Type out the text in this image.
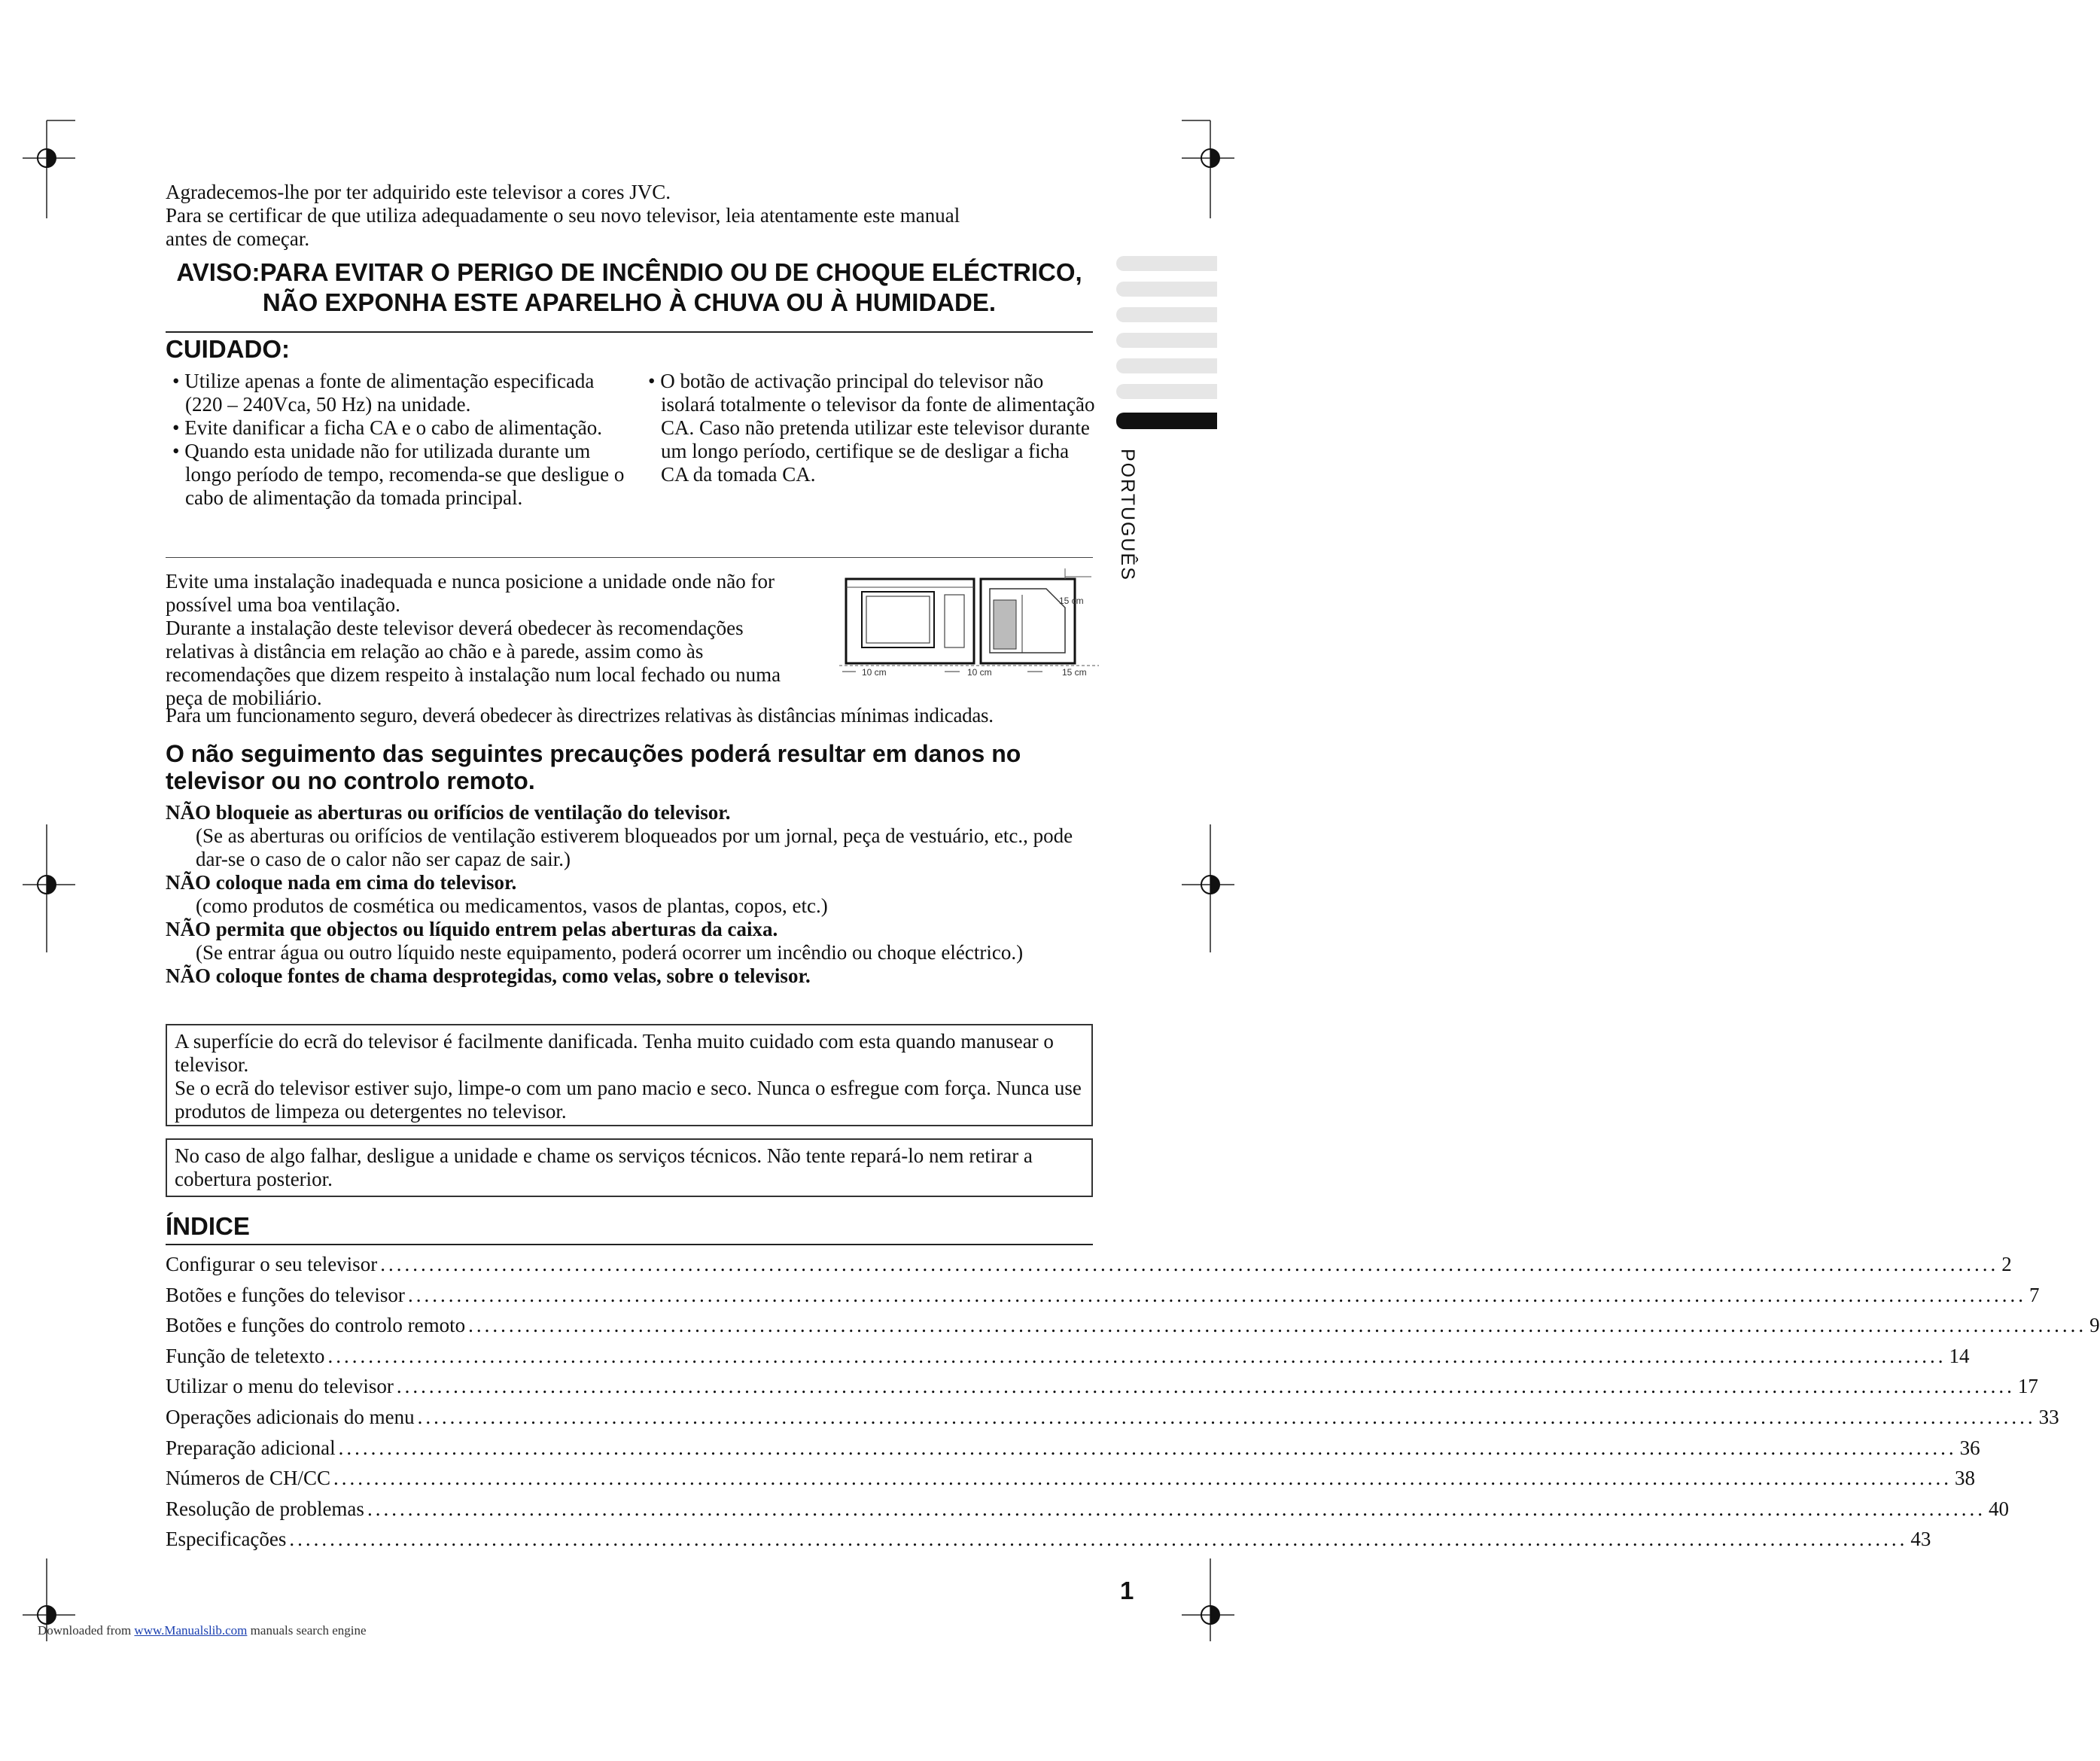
PORTUGUÊS
Agradecemos-lhe por ter adquirido este televisor a cores JVC.
Para se certificar de que utiliza adequadamente o seu novo televisor, leia atentamente este manual
antes de começar.
AVISO:PARA EVITAR O PERIGO DE INCÊNDIO OU DE CHOQUE ELÉCTRICO,
NÃO EXPONHA ESTE APARELHO À CHUVA OU À HUMIDADE.
CUIDADO:
• Utilize apenas a fonte de alimentação especificada (220 – 240Vca, 50 Hz) na unidade.
• Evite danificar a ficha CA e o cabo de alimentação.
• Quando esta unidade não for utilizada durante um longo período de tempo, recomenda-se que desligue o cabo de alimentação da tomada principal.
• O botão de activação principal do televisor não isolará totalmente o televisor da fonte de alimentação CA. Caso não pretenda utilizar este televisor durante um longo período, certifique se de desligar a ficha CA da tomada CA.
Evite uma instalação inadequada e nunca posicione a unidade onde não for possível uma boa ventilação.
Durante a instalação deste televisor deverá obedecer às recomendações relativas à distância em relação ao chão e à parede, assim como às recomendações que dizem respeito à instalação num local fechado ou numa peça de mobiliário.
Para um funcionamento seguro, deverá obedecer às directrizes relativas às distâncias mínimas indicadas.
15 cm
10 cm	10 cm	15 cm
O não seguimento das seguintes precauções poderá resultar em danos no televisor ou no controlo remoto.
NÃO bloqueie as aberturas ou orifícios de ventilação do televisor.
(Se as aberturas ou orifícios de ventilação estiverem bloqueados por um jornal, peça de vestuário, etc., pode dar-se o caso de o calor não ser capaz de sair.)
NÃO coloque nada em cima do televisor.
(como produtos de cosmética ou medicamentos, vasos de plantas, copos, etc.)
NÃO permita que objectos ou líquido entrem pelas aberturas da caixa.
(Se entrar água ou outro líquido neste equipamento, poderá ocorrer um incêndio ou choque eléctrico.)
NÃO coloque fontes de chama desprotegidas, como velas, sobre o televisor.
A superfície do ecrã do televisor é facilmente danificada. Tenha muito cuidado com esta quando manusear o televisor.
Se o ecrã do televisor estiver sujo, limpe-o com um pano macio e seco. Nunca o esfregue com força. Nunca use produtos de limpeza ou detergentes no televisor.
No caso de algo falhar, desligue a unidade e chame os serviços técnicos. Não tente repará-lo nem retirar a cobertura posterior.
ÍNDICE
Configurar o seu televisor ........................................................................................................................................................................................................ 2
Botões e funções do televisor ........................................................................................................................................................................................................ 7
Botões e funções do controlo remoto ........................................................................................................................................................................................................ 9
Função de teletexto ........................................................................................................................................................................................................ 14
Utilizar o menu do televisor ........................................................................................................................................................................................................ 17
Operações adicionais do menu ........................................................................................................................................................................................................ 33
Preparação adicional ........................................................................................................................................................................................................ 36
Números de CH/CC ........................................................................................................................................................................................................ 38
Resolução de problemas ........................................................................................................................................................................................................ 40
Especificações ........................................................................................................................................................................................................ 43
1
Downloaded from www.Manualslib.com manuals search engine
